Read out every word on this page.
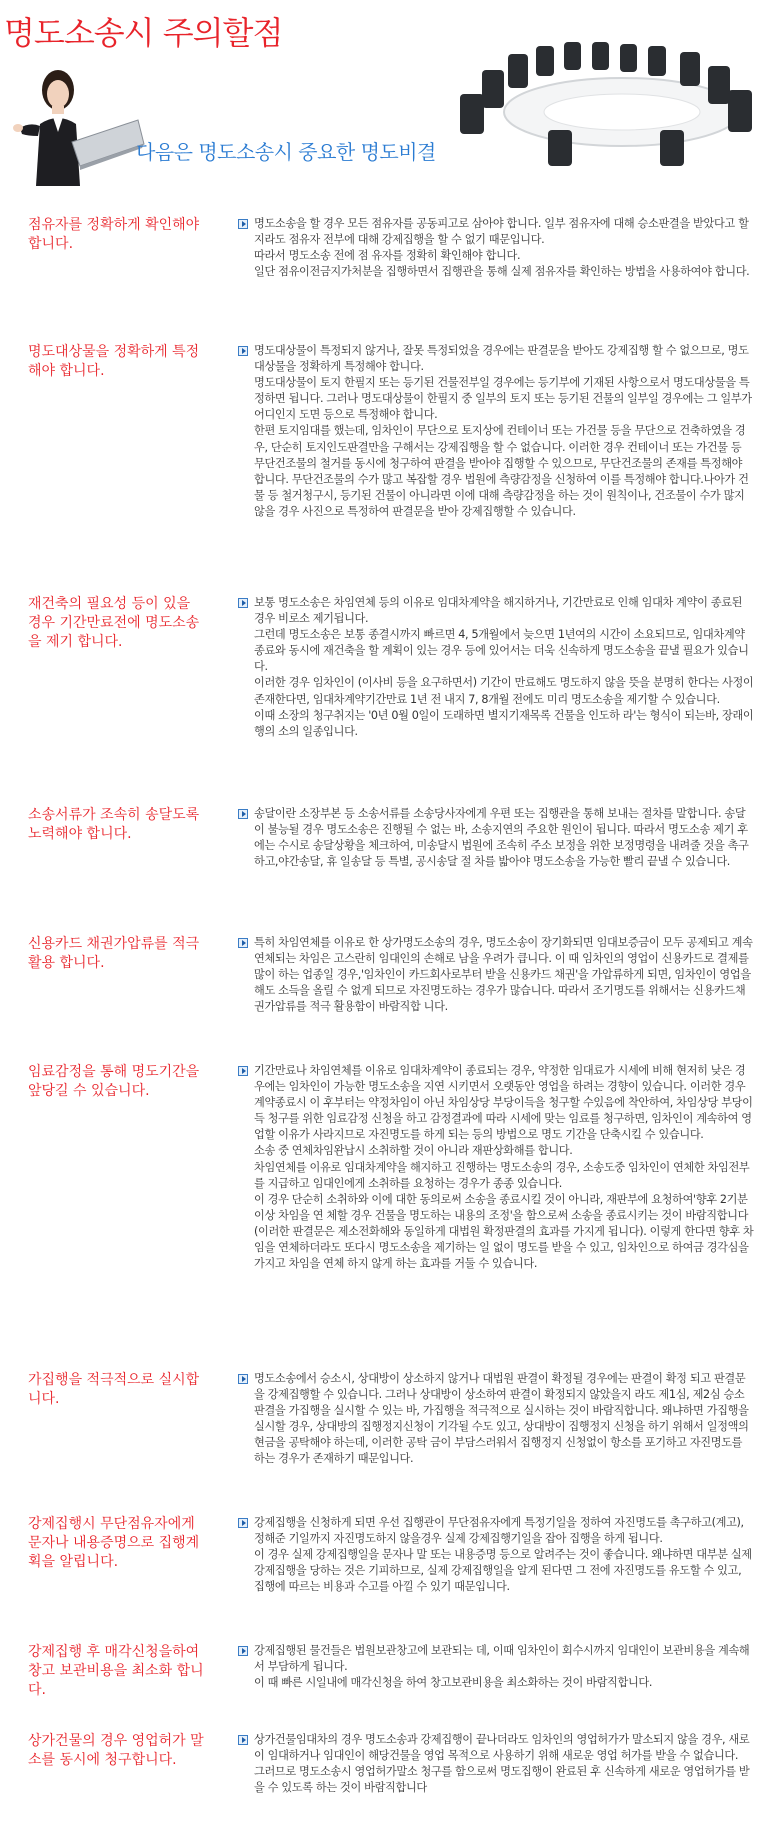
명도소송시 주의할점
다음은 명도소송시 중요한 명도비결
점유자를 정확하게 확인해야 합니다.

명도소송을 할 경우 모든 점유자를 공동피고로 삼아야 합니다. 일부 점유자에 대해 승소판결을 받았다고 할지라도 점유자 전부에 대해 강제집행을 할 수 없기 때문입니다.

따라서 명도소송 전에 점 유자를 정확히 확인해야 합니다.

일단 점유이전금지가처분을 집행하면서 집행관을 통해 실제 점유자를 확인하는 방법을 사용하여야 합니다.

명도대상물을 정확하게 특정해야 합니다.

명도대상물이 특정되지 않거나, 잘못 특정되었을 경우에는 판결문을 받아도 강제집행 할 수 없으므로, 명도대상물을 정확하게 특정해야 합니다.

명도대상물이 토지 한필지 또는 등기된 건물전부일 경우에는 등기부에 기재된 사항으로서 명도대상물을 특정하면 됩니다. 그러나 명도대상물이 한필지 중 일부의 토지 또는 등기된 건물의 일부일 경우에는 그 일부가 어디인지 도면 등으로 특정해야 합니다.

한편 토지임대를 했는데, 임차인이 무단으로 토지상에 컨테이너 또는 가건물 등을 무단으로 건축하였을 경우, 단순히 토지인도판결만을 구해서는 강제집행을 할 수 없습니다. 이러한 경우 컨테이너 또는 가건물 등 무단건조물의 철거를 동시에 청구하여 판결을 받아야 집행할 수 있으므로, 무단건조물의 존재를 특정해야 합니다. 무단건조물의 수가 많고 복잡할 경우 법원에 측량감정을 신청하여 이를 특정해야 합니다.나아가 건물 등 철거청구시, 등기된 건물이 아니라면 이에 대해 측량감정을 하는 것이 원칙이나, 건조물이 수가 많지 않을 경우 사진으로 특정하여 판결문을 받아 강제집행할 수 있습니다.

재건축의 필요성 등이 있을 경우 기간만료전에 명도소송을 제기 합니다.

보통 명도소송은 차임연체 등의 이유로 임대차계약을 해지하거나, 기간만료로 인해 임대차 계약이 종료된 경우 비로소 제기됩니다.

그런데 명도소송은 보통 종결시까지 빠르면 4, 5개월에서 늦으면 1년여의 시간이 소요되므로, 임대차계약종료와 동시에 재건축을 할 계획이 있는 경우 등에 있어서는 더욱 신속하게 명도소송을 끝낼 필요가 있습니다.

이러한 경우 임차인이 (이사비 등을 요구하면서) 기간이 만료해도 명도하지 않을 뜻을 분명히 한다는 사정이 존재한다면, 임대차계약기간만료 1년 전 내지 7, 8개월 전에도 미리 명도소송을 제기할 수 있습니다.

이때 소장의 청구취지는 '0년 0월 0일이 도래하면 별지기재목록 건물을 인도하 라'는 형식이 되는바, 장래이행의 소의 일종입니다.

소송서류가 조속히 송달도록 노력해야 합니다.

송달이란 소장부본 등 소송서류를 소송당사자에게 우편 또는 집행관을 통해 보내는 절차를 말합니다. 송달이 불능될 경우 명도소송은 진행될 수 없는 바, 소송지연의 주요한 원인이 됩니다. 따라서 명도소송 제기 후에는 수시로 송달상황을 체크하여, 미송달시 법원에 조속히 주소 보정을 위한 보정명령을 내려줄 것을 촉구하고,야간송달, 휴 일송달 등 특별, 공시송달 절 차를 밟아야 명도소송을 가능한 빨리 끝낼 수 있습니다.

신용카드 채권가압류를 적극 활용 합니다.

특히 차임연체를 이유로 한 상가명도소송의 경우, 명도소송이 장기화되면 임대보증금이 모두 공제되고 계속 연체되는 차임은 고스란히 임대인의 손해로 남을 우려가 큽니다. 이 때 임차인의 영업이 신용카드로 결제를 많이 하는 업종일 경우,'임차인이 카드회사로부터 받을 신용카드 채권'을 가압류하게 되면, 임차인이 영업을 해도 소득을 올릴 수 없게 되므로 자진명도하는 경우가 많습니다. 따라서 조기명도를 위해서는 신용카드채권가압류를 적극 활용함이 바람직합 니다.

임료감정을 통해 명도기간을 앞당길 수 있습니다.

기간만료나 차임연체를 이유로 임대차계약이 종료되는 경우, 약정한 임대료가 시세에 비해 현저히 낮은 경우에는 임차인이 가능한 명도소송을 지연 시키면서 오랫동안 영업을 하려는 경향이 있습니다. 이러한 경우 계약종료시 이 후부터는 약정차임이 아닌 차임상당 부당이득을 청구할 수있음에 착안하여, 차임상당 부당이득 청구를 위한 임료감정 신청을 하고 감정결과에 따라 시세에 맞는 임료를 청구하면, 임차인이 계속하여 영업할 이유가 사라지므로 자진명도를 하게 되는 등의 방법으로 명도 기간을 단축시킬 수 있습니다.

소송 중 연체차임완납시 소취하할 것이 아니라 재판상화해를 합니다.

차임연체를 이유로 임대차계약을 해지하고 진행하는 명도소송의 경우, 소송도중 임차인이 연체한 차임전부를 지급하고 임대인에게 소취하를 요청하는 경우가 종종 있습니다.

이 경우 단순히 소취하와 이에 대한 동의로써 소송을 종료시킬 것이 아니라, 재판부에 요청하여'향후 2기분 이상 차임을 연 체할 경우 건물을 명도하는 내용의 조정'을 함으로써 소송을 종료시키는 것이 바람직합니다 (이러한 판결문은 제소전화해와 동일하게 대법원 확정판결의 효과를 가지게 됩니다). 이렇게 한다면 향후 차임을 연체하더라도 또다시 명도소송을 제기하는 일 없이 명도를 받을 수 있고, 임차인으로 하여금 경각심을 가지고 차임을 연체 하지 않게 하는 효과를 거둘 수 있습니다.

가집행을 적극적으로 실시합니다.

명도소송에서 승소시, 상대방이 상소하지 않거나 대법원 판결이 확정될 경우에는 판결이 확정 되고 판결문을 강제집행할 수 있습니다. 그러나 상대방이 상소하여 판결이 확정되지 않았을지 라도 제1심, 제2심 승소판결을 가집행을 실시할 수 있는 바, 가집행을 적극적으로 실시하는 것이 바람직합니다. 왜냐하면 가집행을 실시할 경우, 상대방의 집행정지신청이 기각될 수도 있고, 상대방이 집행정지 신청을 하기 위해서 일정액의 현금을 공탁해야 하는데, 이러한 공탁 금이 부담스러워서 집행정지 신청없이 항소를 포기하고 자진명도를 하는 경우가 존재하기 때문입니다.

강제집행시 무단점유자에게 문자나 내용증명으로 집행계획을 알립니다.

강제집행을 신청하게 되면 우선 집행관이 무단점유자에게 특정기일을 정하여 자진명도를 촉구하고(계고), 정해준 기일까지 자진명도하지 않을경우 실제 강제집행기일을 잡아 집행을 하게 됩니다.

이 경우 실제 강제집행일을 문자나 말 또는 내용증명 등으로 알려주는 것이 좋습니다. 왜냐하면 대부분 실제 강제집행을 당하는 것은 기피하므로, 실제 강제집행일을 알게 된다면 그 전에 자진명도를 유도할 수 있고, 집행에 따르는 비용과 수고를 아낄 수 있기 때문입니다.

강제집행 후 매각신청을하여 창고 보관비용을 최소화 합니다.

강제집행된 물건들은 법원보관창고에 보관되는 데, 이때 임차인이 회수시까지 임대인이 보관비용을 계속해서 부담하게 됩니다.

이 때 빠른 시일내에 매각신청을 하여 창고보관비용을 최소화하는 것이 바람직합니다.

상가건물의 경우 영업허가 말소를 동시에 청구합니다.

상가건물임대차의 경우 명도소송과 강제집행이 끝나더라도 임차인의 영업허가가 말소되지 않을 경우, 새로이 임대하거나 임대인이 해당건물을 영업 목적으로 사용하기 위해 새로운 영업 허가를 받을 수 없습니다.

그러므로 명도소송시 영업허가말소 청구를 함으로써 명도집행이 완료된 후 신속하게 새로운 영업허가를 받을 수 있도록 하는 것이 바람직합니다
